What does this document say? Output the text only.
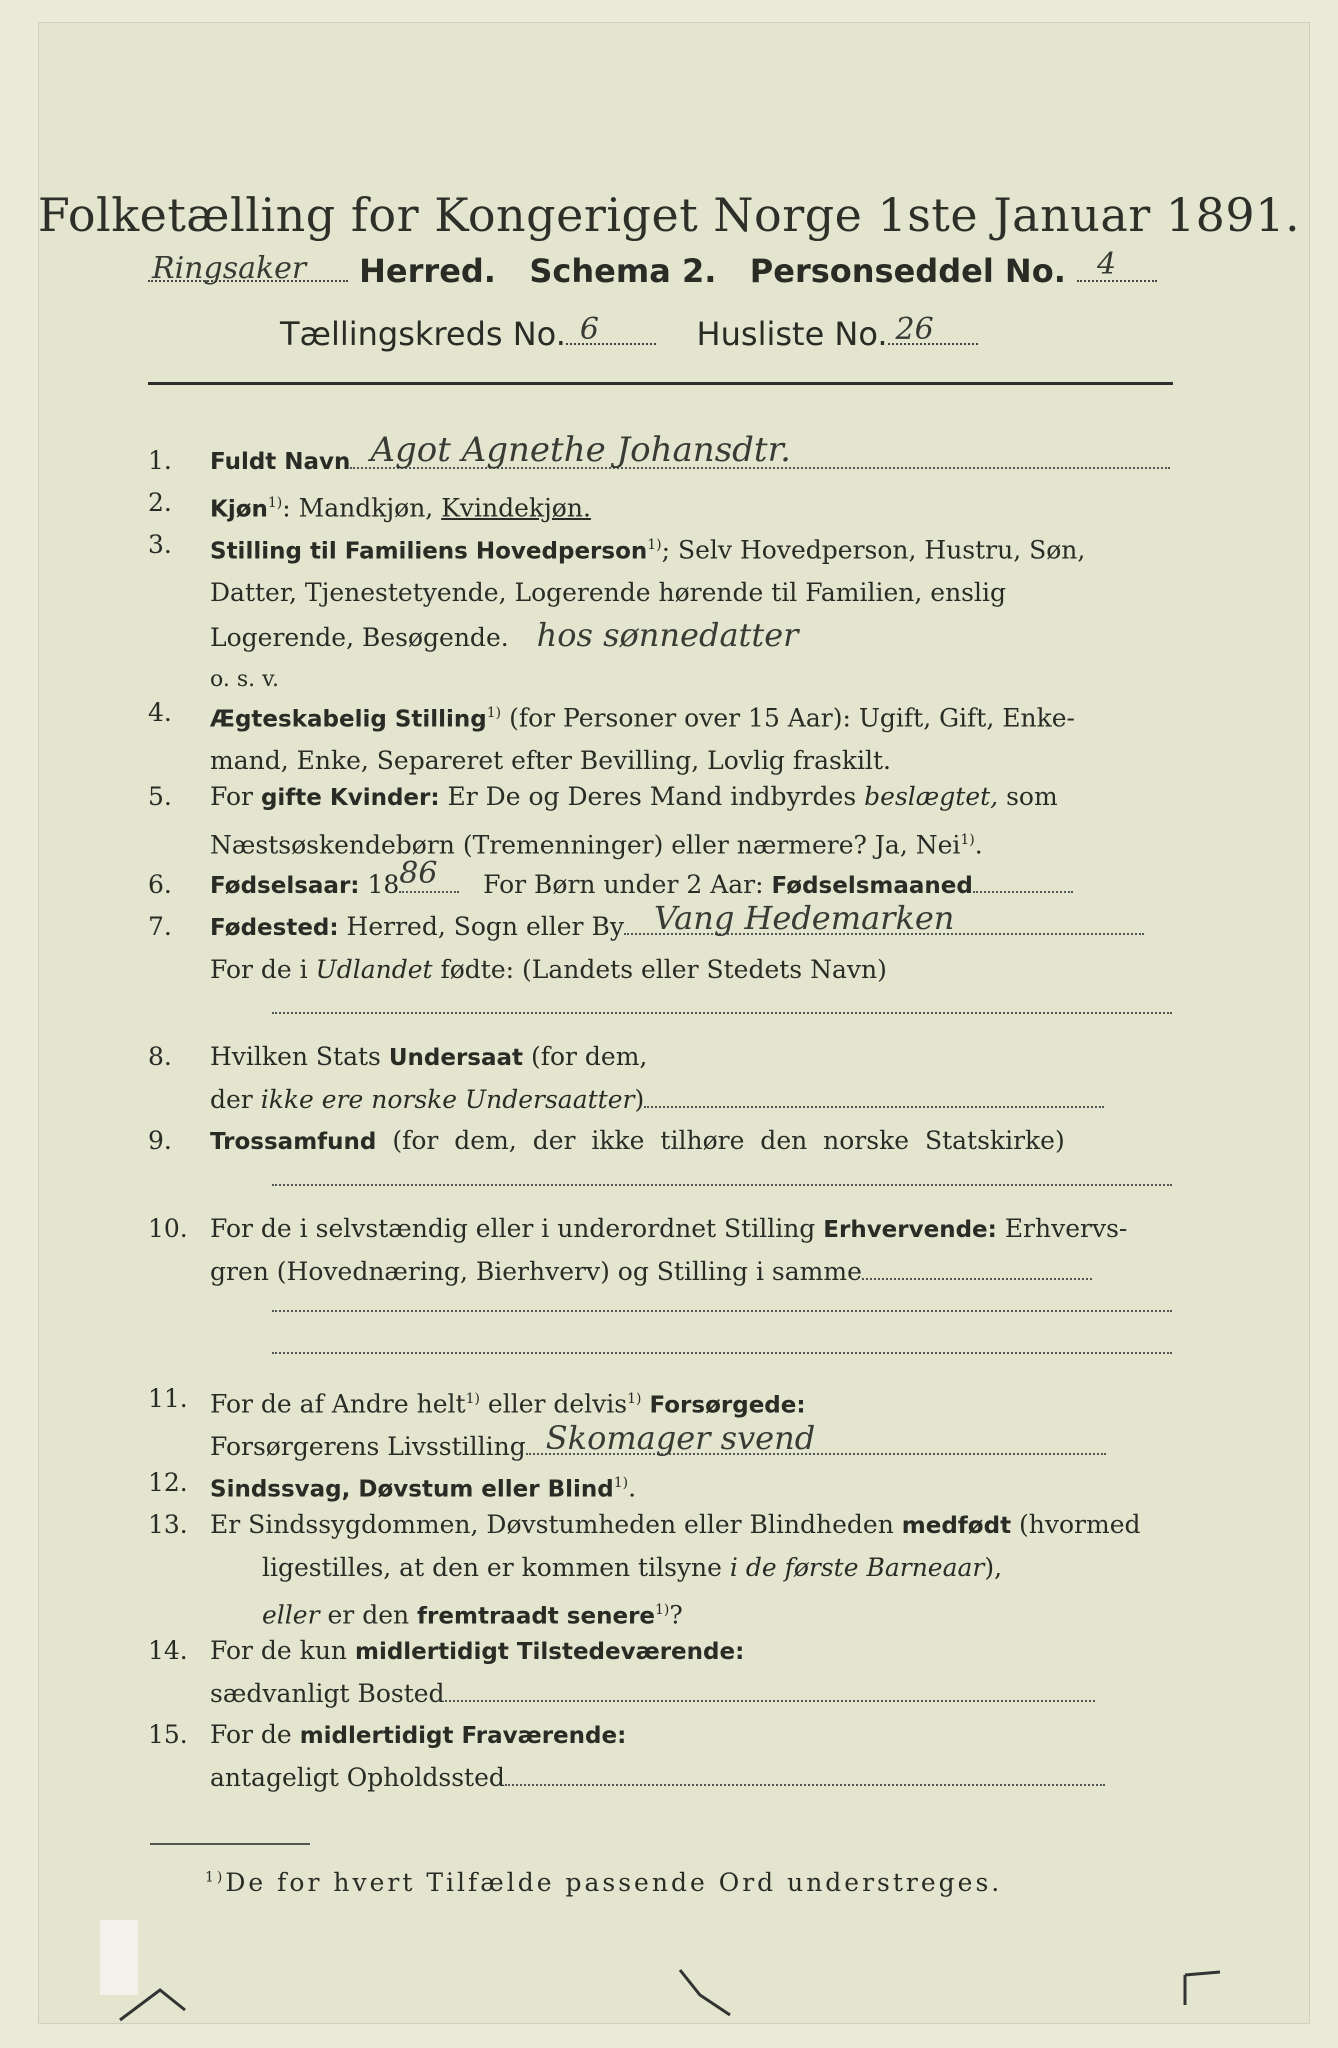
Folketælling for Kongeriget Norge 1ste Januar 1891.
Ringsaker Herred. Schema 2. Personseddel No. 4
Tællingskreds No. 6	Husliste No. 26
1.	Fuldt Navn Agot Agnethe Johansdtr.
2.	Kjøn$^{1)}$: Mandkjøn, Kvindekjøn.
3.	Stilling til Familiens Hovedperson$^{1)}$; Selv Hovedperson, Hustru, Søn,
Datter, Tjenestetyende, Logerende hørende til Familien, enslig
Logerende, Besøgende. hos sønnedatter
o. s. v.
4.	Ægteskabelig Stilling$^{1)}$ (for Personer over 15 Aar): Ugift, Gift, Enke-
mand, Enke, Separeret efter Bevilling, Lovlig fraskilt.
5.	For gifte Kvinder: Er De og Deres Mand indbyrdes beslægtet, som
Næstsøskendebørn (Tremenninger) eller nærmere? Ja, Nei$^{1)}$.
6.	Fødselsaar: 18 86 For Børn under 2 Aar: Fødselsmaaned
7.	Fødested: Herred, Sogn eller By Vang Hedemarken
For de i Udlandet fødte: (Landets eller Stedets Navn)
8.	Hvilken Stats Undersaat (for dem,
der ikke ere norske Undersaatter)
9.	Trossamfund (for dem, der ikke tilhøre den norske Statskirke)
10. For de i selvstændig eller i underordnet Stilling Erhvervende: Erhvervs-
gren (Hovednæring, Bierhverv) og Stilling i samme
11. For de af Andre helt$^{1)}$ eller delvis$^{1)}$ Forsørgede:
Forsørgerens Livsstilling Skomager svend
12. Sindssvag, Døvstum eller Blind$^{1)}$.
13. Er Sindssygdommen, Døvstumheden eller Blindheden medfødt (hvormed
ligestilles, at den er kommen tilsyne i de første Barneaar),
eller er den fremtraadt senere$^{1)}$?
14. For de kun midlertidigt Tilstedeværende:
sædvanligt Bosted
15. For de midlertidigt Fraværende:
antageligt Opholdssted
$^{1)}$De for hvert Tilfælde passende Ord understreges.
